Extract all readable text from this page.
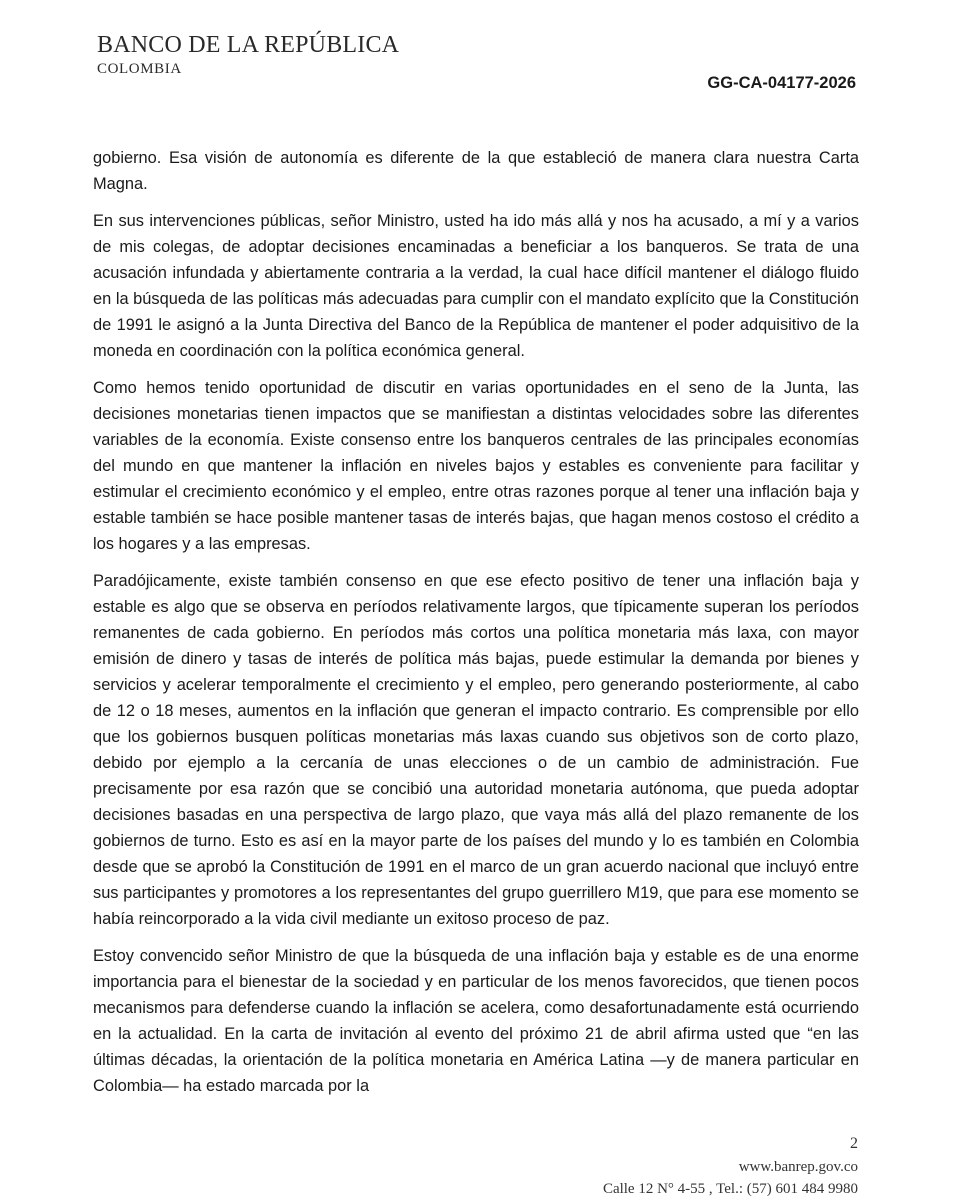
BANCO DE LA REPÚBLICA
COLOMBIA
GG-CA-04177-2026

gobierno. Esa visión de autonomía es diferente de la que estableció de manera clara nuestra Carta Magna.

En sus intervenciones públicas, señor Ministro, usted ha ido más allá y nos ha acusado, a mí y a varios de mis colegas, de adoptar decisiones encaminadas a beneficiar a los banqueros. Se trata de una acusación infundada y abiertamente contraria a la verdad, la cual hace difícil mantener el diálogo fluido en la búsqueda de las políticas más adecuadas para cumplir con el mandato explícito que la Constitución de 1991 le asignó a la Junta Directiva del Banco de la República de mantener el poder adquisitivo de la moneda en coordinación con la política económica general.

Como hemos tenido oportunidad de discutir en varias oportunidades en el seno de la Junta, las decisiones monetarias tienen impactos que se manifiestan a distintas velocidades sobre las diferentes variables de la economía. Existe consenso entre los banqueros centrales de las principales economías del mundo en que mantener la inflación en niveles bajos y estables es conveniente para facilitar y estimular el crecimiento económico y el empleo, entre otras razones porque al tener una inflación baja y estable también se hace posible mantener tasas de interés bajas, que hagan menos costoso el crédito a los hogares y a las empresas.

Paradójicamente, existe también consenso en que ese efecto positivo de tener una inflación baja y estable es algo que se observa en períodos relativamente largos, que típicamente superan los períodos remanentes de cada gobierno. En períodos más cortos una política monetaria más laxa, con mayor emisión de dinero y tasas de interés de política más bajas, puede estimular la demanda por bienes y servicios y acelerar temporalmente el crecimiento y el empleo, pero generando posteriormente, al cabo de 12 o 18 meses, aumentos en la inflación que generan el impacto contrario. Es comprensible por ello que los gobiernos busquen políticas monetarias más laxas cuando sus objetivos son de corto plazo, debido por ejemplo a la cercanía de unas elecciones o de un cambio de administración. Fue precisamente por esa razón que se concibió una autoridad monetaria autónoma, que pueda adoptar decisiones basadas en una perspectiva de largo plazo, que vaya más allá del plazo remanente de los gobiernos de turno. Esto es así en la mayor parte de los países del mundo y lo es también en Colombia desde que se aprobó la Constitución de 1991 en el marco de un gran acuerdo nacional que incluyó entre sus participantes y promotores a los representantes del grupo guerrillero M19, que para ese momento se había reincorporado a la vida civil mediante un exitoso proceso de paz.

Estoy convencido señor Ministro de que la búsqueda de una inflación baja y estable es de una enorme importancia para el bienestar de la sociedad y en particular de los menos favorecidos, que tienen pocos mecanismos para defenderse cuando la inflación se acelera, como desafortunadamente está ocurriendo en la actualidad. En la carta de invitación al evento del próximo 21 de abril afirma usted que “en las últimas décadas, la orientación de la política monetaria en América Latina —y de manera particular en Colombia— ha estado marcada por la

2
www.banrep.gov.co
Calle 12 N° 4-55 , Tel.: (57) 601 484 9980
